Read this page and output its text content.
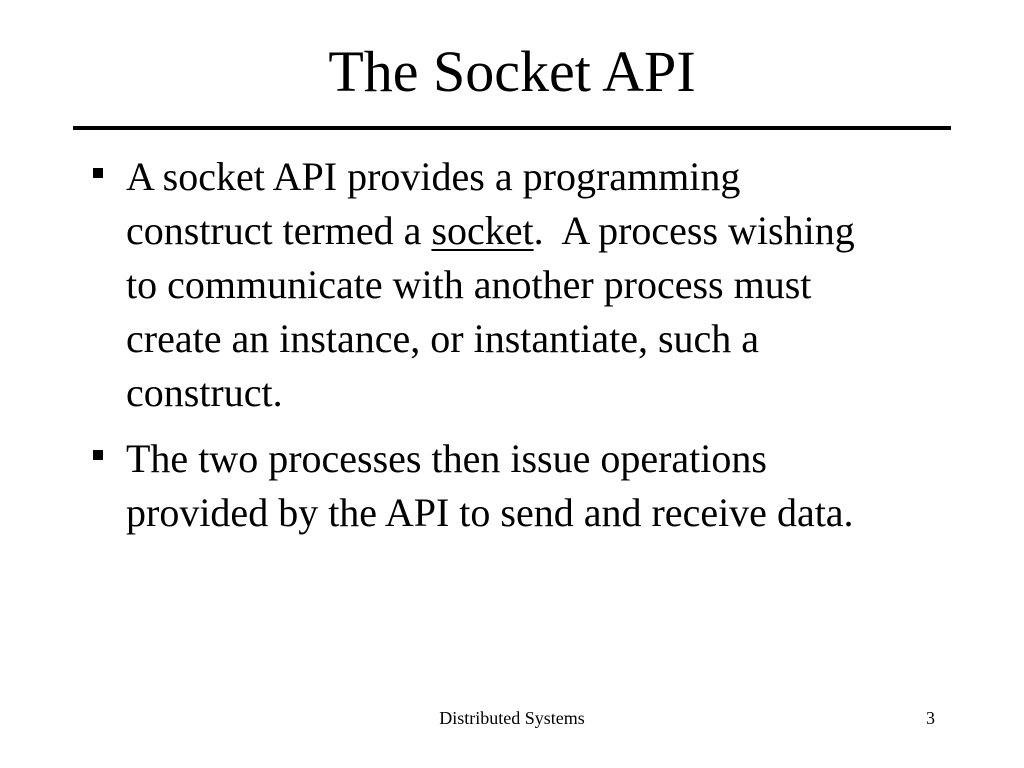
The Socket API
A socket API provides a programming construct termed a socket.  A process wishing to communicate with another process must create an instance, or instantiate, such a construct.
The two processes then issue operations provided by the API to send and receive data.
Distributed Systems	3
